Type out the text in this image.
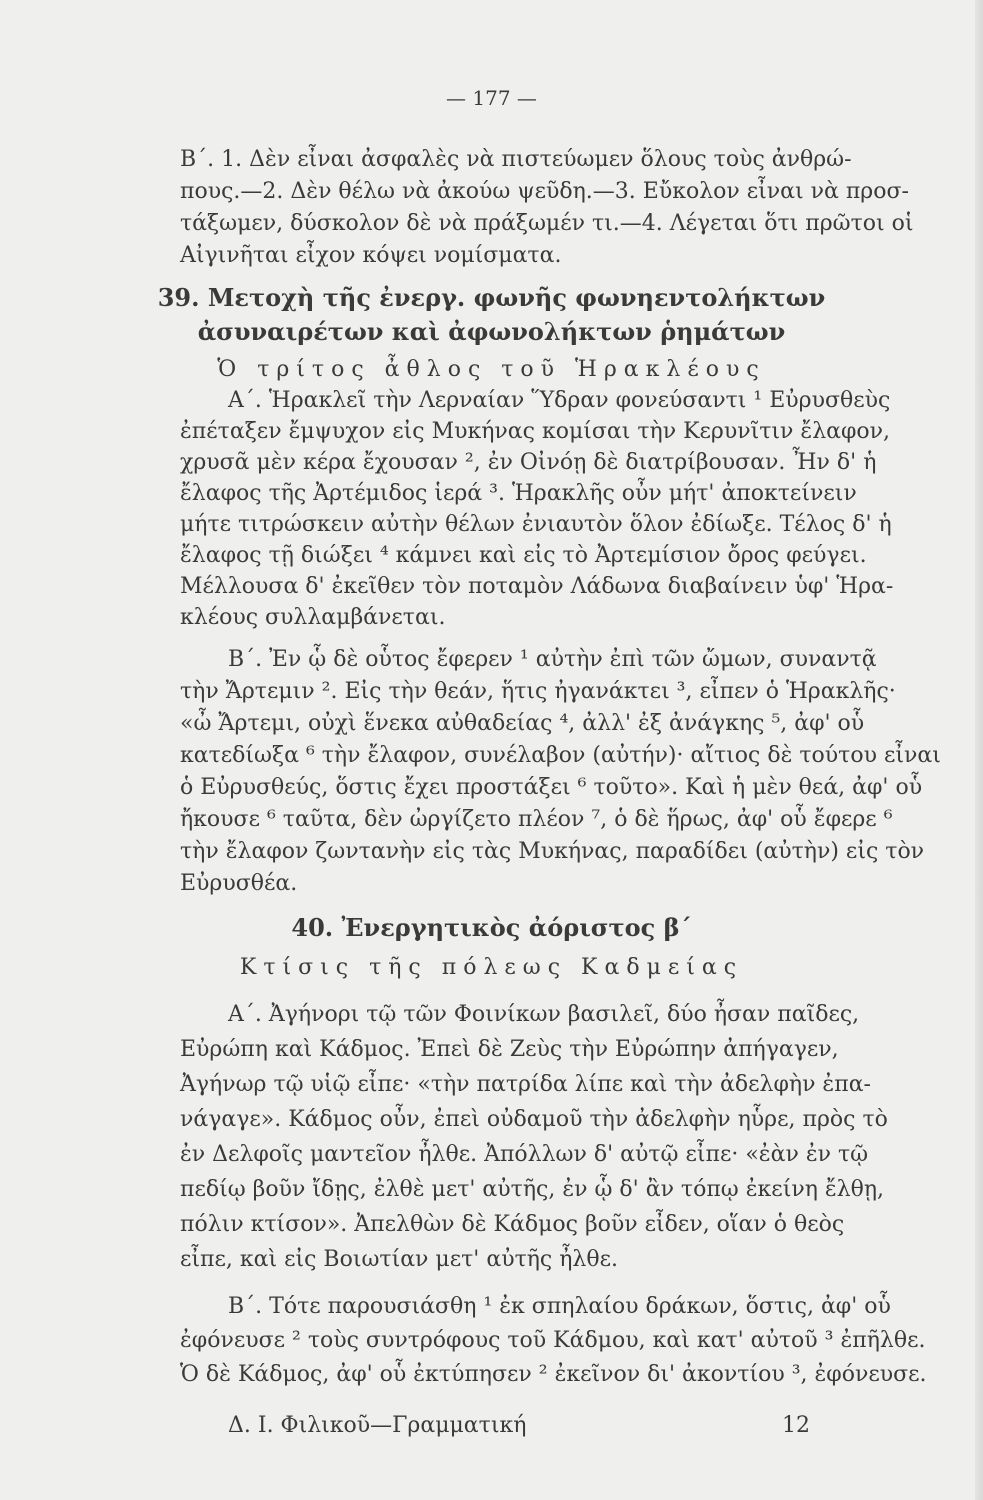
— 177 —
Β΄. 1. Δὲν εἶναι ἀσφαλὲς νὰ πιστεύωμεν ὅλους τοὺς ἀνθρώ-
πους.—2. Δὲν θέλω νὰ ἀκούω ψεῦδη.—3. Εὔκολον εἶναι νὰ προσ-
τάξωμεν, δύσκολον δὲ νὰ πράξωμέν τι.—4. Λέγεται ὅτι πρῶτοι οἱ
Αἰγινῆται εἶχον κόψει νομίσματα.
39. Μετοχὴ τῆς ἐνεργ. φωνῆς φωνηεντολήκτων
ἀσυναιρέτων καὶ ἀφωνολήκτων ῥημάτων
Ὁ τρίτος ἆθλος τοῦ Ἡρακλέους
Α΄. Ἡρακλεῖ τὴν Λερναίαν Ὕδραν φονεύσαντι ¹ Εὐρυσθεὺς
ἐπέταξεν ἔμψυχον εἰς Μυκήνας κομίσαι τὴν Κερυνῖτιν ἔλαφον,
χρυσᾶ μὲν κέρα ἔχουσαν ², ἐν Οἰνόῃ δὲ διατρίβουσαν. Ἦν δ' ἡ
ἔλαφος τῆς Ἀρτέμιδος ἱερά ³. Ἡρακλῆς οὖν μήτ' ἀποκτείνειν
μήτε τιτρώσκειν αὐτὴν θέλων ἐνιαυτὸν ὅλον ἐδίωξε. Τέλος δ' ἡ
ἔλαφος τῇ διώξει ⁴ κάμνει καὶ εἰς τὸ Ἀρτεμίσιον ὄρος φεύγει.
Μέλλουσα δ' ἐκεῖθεν τὸν ποταμὸν Λάδωνα διαβαίνειν ὑφ' Ἡρα-
κλέους συλλαμβάνεται.
Β΄. Ἐν ᾧ δὲ οὗτος ἔφερεν ¹ αὐτὴν ἐπὶ τῶν ὤμων, συναντᾷ
τὴν Ἄρτεμιν ². Εἰς τὴν θεάν, ἥτις ἠγανάκτει ³, εἶπεν ὁ Ἡρακλῆς·
«ὦ Ἄρτεμι, οὐχὶ ἕνεκα αὐθαδείας ⁴, ἀλλ' ἐξ ἀνάγκης ⁵, ἀφ' οὗ
κατεδίωξα ⁶ τὴν ἔλαφον, συνέλαβον (αὐτήν)· αἴτιος δὲ τούτου εἶναι
ὁ Εὐρυσθεύς, ὅστις ἔχει προστάξει ⁶ τοῦτο». Καὶ ἡ μὲν θεά, ἀφ' οὗ
ἤκουσε ⁶ ταῦτα, δὲν ὠργίζετο πλέον ⁷, ὁ δὲ ἥρως, ἀφ' οὗ ἔφερε ⁶
τὴν ἔλαφον ζωντανὴν εἰς τὰς Μυκήνας, παραδίδει (αὐτὴν) εἰς τὸν
Εὐρυσθέα.
40. Ἐνεργητικὸς ἀόριστος β΄
Κτίσις τῆς πόλεως Καδμείας
Α΄. Ἀγήνορι τῷ τῶν Φοινίκων βασιλεῖ, δύο ἦσαν παῖδες,
Εὐρώπη καὶ Κάδμος. Ἐπεὶ δὲ Ζεὺς τὴν Εὐρώπην ἀπήγαγεν,
Ἀγήνωρ τῷ υἱῷ εἶπε· «τὴν πατρίδα λίπε καὶ τὴν ἀδελφὴν ἐπα-
νάγαγε». Κάδμος οὖν, ἐπεὶ οὐδαμοῦ τὴν ἀδελφὴν ηὗρε, πρὸς τὸ
ἐν Δελφοῖς μαντεῖον ἦλθε. Ἀπόλλων δ' αὐτῷ εἶπε· «ἐὰν ἐν τῷ
πεδίῳ βοῦν ἴδῃς, ἐλθὲ μετ' αὐτῆς, ἐν ᾧ δ' ἂν τόπῳ ἐκείνη ἔλθῃ,
πόλιν κτίσον». Ἀπελθὼν δὲ Κάδμος βοῦν εἶδεν, οἵαν ὁ θεὸς
εἶπε, καὶ εἰς Βοιωτίαν μετ' αὐτῆς ἦλθε.
Β΄. Τότε παρουσιάσθη ¹ ἐκ σπηλαίου δράκων, ὅστις, ἀφ' οὗ
ἐφόνευσε ² τοὺς συντρόφους τοῦ Κάδμου, καὶ κατ' αὐτοῦ ³ ἐπῆλθε.
Ὁ δὲ Κάδμος, ἀφ' οὗ ἐκτύπησεν ² ἐκεῖνον δι' ἀκοντίου ³, ἐφόνευσε.
Δ. Ι. Φιλικοῦ—Γραμματική	12
